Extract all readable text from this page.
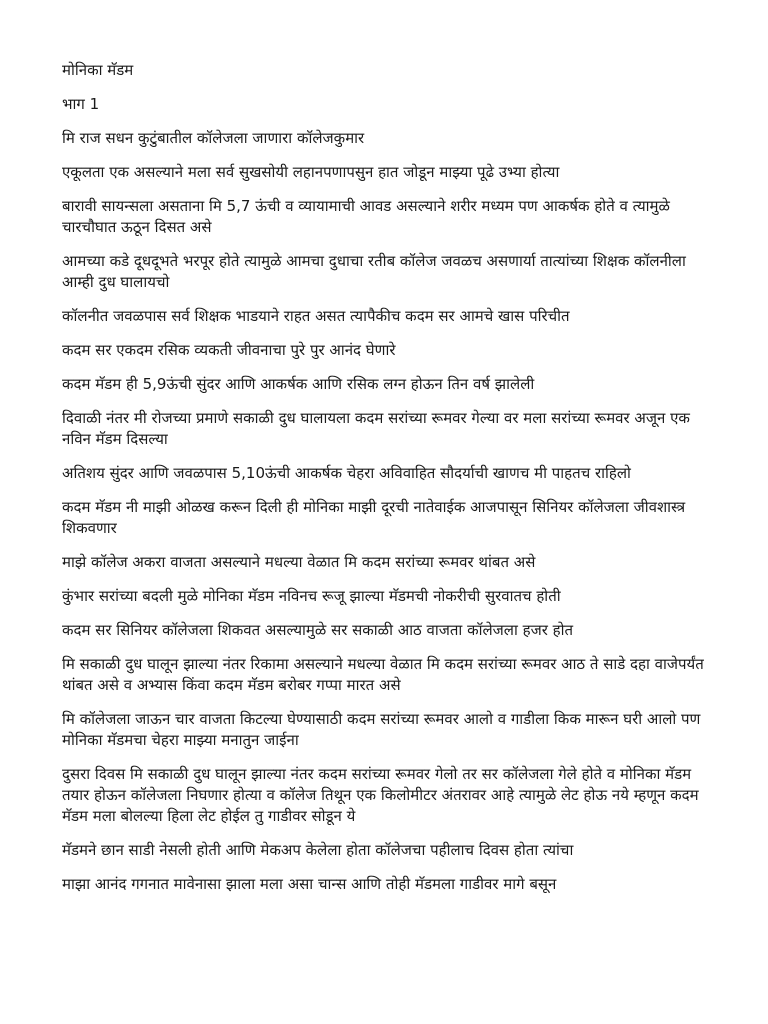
मोनिका मॅडम

भाग 1

मि राज सधन कुटुंबातील कॉलेजला जाणारा कॉलेजकुमार

एकूलता एक असल्याने मला सर्व सुखसोयी लहानपणापसुन हात जोडून माझ्या पूढे उभ्या होत्या

बारावी सायन्सला असताना मि 5,7 ऊंची व व्यायामाची आवड असल्याने शरीर मध्यम पण आकर्षक होते व त्यामुळे चारचौघात ऊठून दिसत असे

आमच्या कडे दूधदूभते भरपूर होते त्यामुळे आमचा दुधाचा रतीब कॉलेज जवळच असणार्या तात्यांच्या शिक्षक कॉलनीला आम्ही दुध घालायचो

कॉलनीत जवळपास सर्व शिक्षक भाडयाने राहत असत त्यापैकीच कदम सर आमचे खास परिचीत

कदम सर एकदम रसिक व्यकती जीवनाचा पुरे पुर आनंद घेणारे

कदम मॅडम ही 5,9ऊंची सुंदर आणि आकर्षक आणि रसिक लग्न होऊन तिन वर्ष झालेली

दिवाळी नंतर मी रोजच्या प्रमाणे सकाळी दुध घालायला कदम सरांच्या रूमवर गेल्या वर मला सरांच्या रूमवर अजून एक नविन मॅडम दिसल्या

अतिशय सुंदर आणि जवळपास 5,10ऊंची आकर्षक चेहरा अविवाहित सौदर्याची खाणच मी पाहतच राहिलो

कदम मॅडम नी माझी ओळख करून दिली ही मोनिका माझी दूरची नातेवाईक आजपासून सिनियर कॉलेजला जीवशास्त्र शिकवणार

माझे कॉलेज अकरा वाजता असल्याने मधल्या वेळात मि कदम सरांच्या रूमवर थांबत असे

कुंभार सरांच्या बदली मुळे मोनिका मॅडम नविनच रूजू झाल्या मॅडमची नोकरीची सुरवातच होती

कदम सर सिनियर कॉलेजला शिकवत असल्यामुळे सर सकाळी आठ वाजता कॉलेजला हजर होत

मि सकाळी दुध घालून झाल्या नंतर रिकामा असल्याने मधल्या वेळात मि कदम सरांच्या रूमवर आठ ते साडे दहा वाजेपर्यंत थांबत असे व अभ्यास किंवा कदम मॅडम बरोबर गप्पा मारत असे

मि कॉलेजला जाऊन चार वाजता किटल्या घेण्यासाठी कदम सरांच्या रूमवर आलो व गाडीला किक मारून घरी आलो पण मोनिका मॅडमचा चेहरा माझ्या मनातुन जाईना

दुसरा दिवस मि सकाळी दुध घालून झाल्या नंतर कदम सरांच्या रूमवर गेलो तर सर कॉलेजला गेले होते व मोनिका मॅडम तयार होऊन कॉलेजला निघणार होत्या व कॉलेज तिथून एक किलोमीटर अंतरावर आहे त्यामुळे लेट होऊ नये म्हणून कदम मॅडम मला बोलल्या हिला लेट होईल तु गाडीवर सोडून ये

मॅडमने छान साडी नेसली होती आणि मेकअप केलेला होता कॉलेजचा पहीलाच दिवस होता त्यांचा

माझा आनंद गगनात मावेनासा झाला मला असा चान्स आणि तोही मॅडमला गाडीवर मागे बसून
